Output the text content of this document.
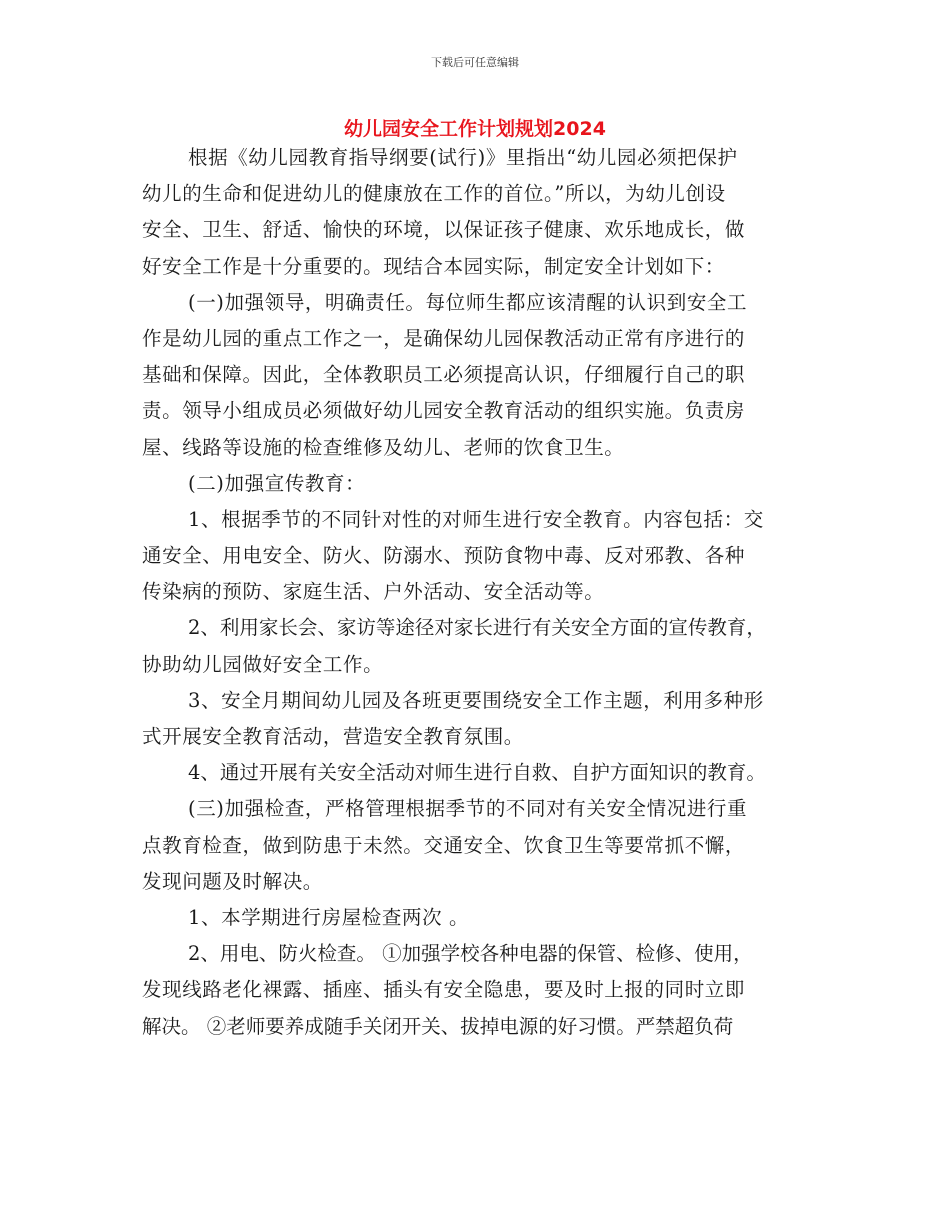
下载后可任意编辑
幼儿园安全工作计划规划2024
根据《幼儿园教育指导纲要(试行)》里指出“幼儿园必须把保护
幼儿的生命和促进幼儿的健康放在工作的首位。”所以，为幼儿创设
安全、卫生、舒适、愉快的环境，以保证孩子健康、欢乐地成长，做
好安全工作是十分重要的。现结合本园实际，制定安全计划如下：
(一)加强领导，明确责任。每位师生都应该清醒的认识到安全工
作是幼儿园的重点工作之一，是确保幼儿园保教活动正常有序进行的
基础和保障。因此，全体教职员工必须提高认识，仔细履行自己的职
责。领导小组成员必须做好幼儿园安全教育活动的组织实施。负责房
屋、线路等设施的检查维修及幼儿、老师的饮食卫生。
(二)加强宣传教育：
1、根据季节的不同针对性的对师生进行安全教育。内容包括：交
通安全、用电安全、防火、防溺水、预防食物中毒、反对邪教、各种
传染病的预防、家庭生活、户外活动、安全活动等。
2、利用家长会、家访等途径对家长进行有关安全方面的宣传教育，
协助幼儿园做好安全工作。
3、安全月期间幼儿园及各班更要围绕安全工作主题，利用多种形
式开展安全教育活动，营造安全教育氛围。
4、通过开展有关安全活动对师生进行自救、自护方面知识的教育。
(三)加强检查，严格管理根据季节的不同对有关安全情况进行重
点教育检查，做到防患于未然。交通安全、饮食卫生等要常抓不懈，
发现问题及时解决。
1、本学期进行房屋检查两次 。
2、用电、防火检查。 ①加强学校各种电器的保管、检修、使用，
发现线路老化裸露、插座、插头有安全隐患，要及时上报的同时立即
解决。 ②老师要养成随手关闭开关、拔掉电源的好习惯。严禁超负荷
